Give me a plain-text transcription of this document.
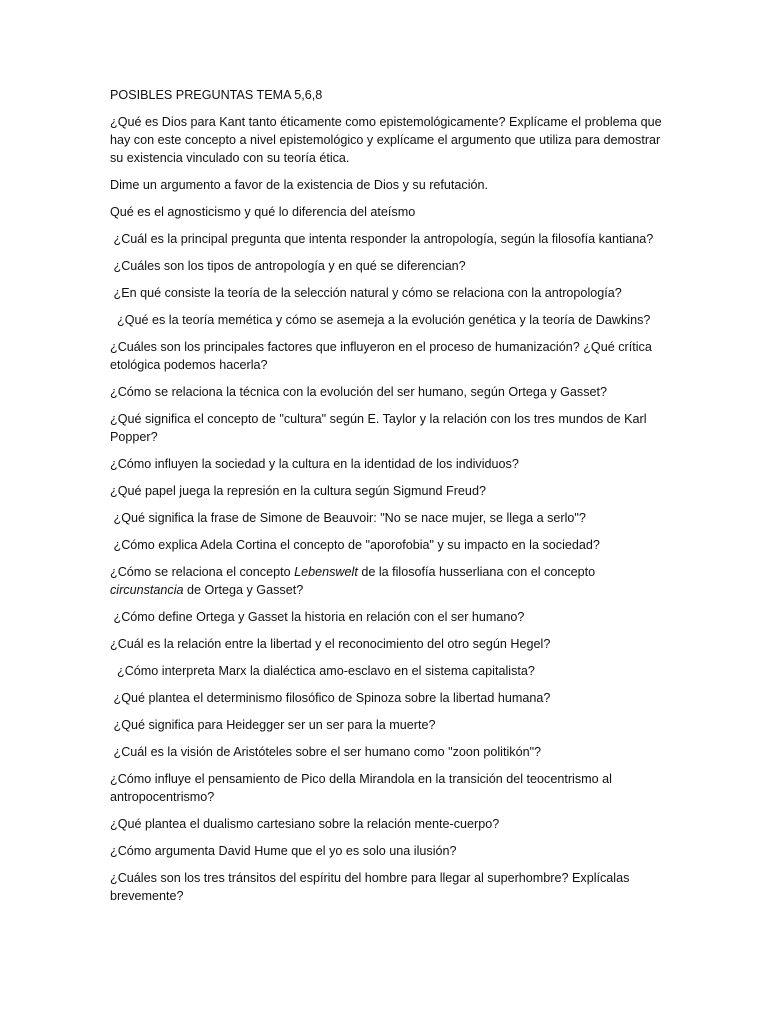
POSIBLES PREGUNTAS TEMA 5,6,8

¿Qué es Dios para Kant tanto éticamente como epistemológicamente? Explícame el problema que hay con este concepto a nivel epistemológico y explícame el argumento que utiliza para demostrar su existencia vinculado con su teoría ética.

Dime un argumento a favor de la existencia de Dios y su refutación.

Qué es el agnosticismo y qué lo diferencia del ateísmo

¿Cuál es la principal pregunta que intenta responder la antropología, según la filosofía kantiana?

¿Cuáles son los tipos de antropología y en qué se diferencian?

¿En qué consiste la teoría de la selección natural y cómo se relaciona con la antropología?

¿Qué es la teoría memética y cómo se asemeja a la evolución genética y la teoría de Dawkins?

¿Cuáles son los principales factores que influyeron en el proceso de humanización? ¿Qué crítica etológica podemos hacerla?

¿Cómo se relaciona la técnica con la evolución del ser humano, según Ortega y Gasset?

¿Qué significa el concepto de "cultura" según E. Taylor y la relación con los tres mundos de Karl Popper?

¿Cómo influyen la sociedad y la cultura en la identidad de los individuos?

¿Qué papel juega la represión en la cultura según Sigmund Freud?

¿Qué significa la frase de Simone de Beauvoir: "No se nace mujer, se llega a serlo"?

¿Cómo explica Adela Cortina el concepto de "aporofobia" y su impacto en la sociedad?

¿Cómo se relaciona el concepto Lebenswelt de la filosofía husserliana con el concepto circunstancia de Ortega y Gasset?

¿Cómo define Ortega y Gasset la historia en relación con el ser humano?

¿Cuál es la relación entre la libertad y el reconocimiento del otro según Hegel?

¿Cómo interpreta Marx la dialéctica amo-esclavo en el sistema capitalista?

¿Qué plantea el determinismo filosófico de Spinoza sobre la libertad humana?

¿Qué significa para Heidegger ser un ser para la muerte?

¿Cuál es la visión de Aristóteles sobre el ser humano como "zoon politikón"?

¿Cómo influye el pensamiento de Pico della Mirandola en la transición del teocentrismo al antropocentrismo?

¿Qué plantea el dualismo cartesiano sobre la relación mente-cuerpo?

¿Cómo argumenta David Hume que el yo es solo una ilusión?

¿Cuáles son los tres tránsitos del espíritu del hombre para llegar al superhombre? Explícalas brevemente?
